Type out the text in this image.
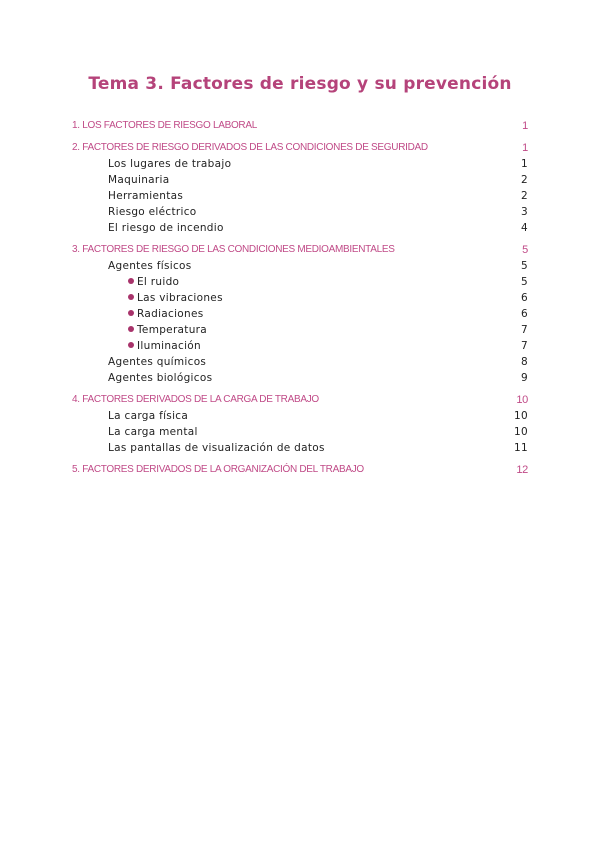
Tema 3. Factores de riesgo y su prevención
1. LOS FACTORES DE RIESGO LABORAL	1
2. FACTORES DE RIESGO DERIVADOS DE LAS CONDICIONES DE SEGURIDAD	1
Los lugares de trabajo	1
Maquinaria	2
Herramientas	2
Riesgo eléctrico	3
El riesgo de incendio	4
3. FACTORES DE RIESGO DE LAS CONDICIONES MEDIOAMBIENTALES	5
Agentes físicos	5
El ruido	5
Las vibraciones	6
Radiaciones	6
Temperatura	7
Iluminación	7
Agentes químicos	8
Agentes biológicos	9
4. FACTORES DERIVADOS DE LA CARGA DE TRABAJO	10
La carga física	10
La carga mental	10
Las pantallas de visualización de datos	11
5. FACTORES DERIVADOS DE LA ORGANIZACIÓN DEL TRABAJO	12
